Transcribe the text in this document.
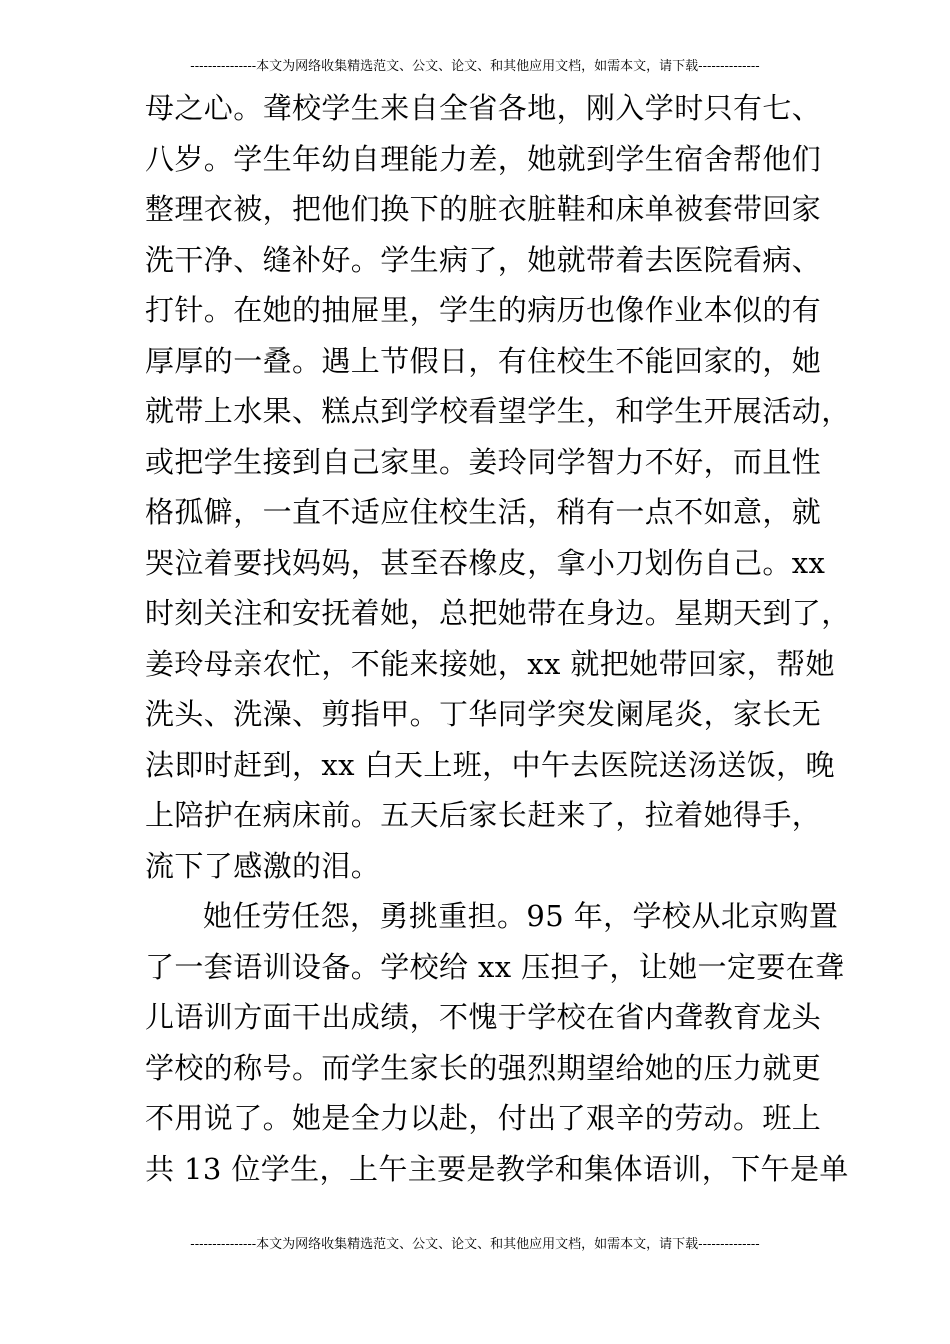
---------------本文为网络收集精选范文、公文、论文、和其他应用文档，如需本文，请下载--------------
母之心。聋校学生来自全省各地，刚入学时只有七、
八岁。学生年幼自理能力差，她就到学生宿舍帮他们
整理衣被，把他们换下的脏衣脏鞋和床单被套带回家
洗干净、缝补好。学生病了，她就带着去医院看病、
打针。在她的抽屉里，学生的病历也像作业本似的有
厚厚的一叠。遇上节假日，有住校生不能回家的，她
就带上水果、糕点到学校看望学生，和学生开展活动，
或把学生接到自己家里。姜玲同学智力不好，而且性
格孤僻，一直不适应住校生活，稍有一点不如意，就
哭泣着要找妈妈，甚至吞橡皮，拿小刀划伤自己。xx
时刻关注和安抚着她，总把她带在身边。星期天到了，
姜玲母亲农忙，不能来接她，xx 就把她带回家，帮她
洗头、洗澡、剪指甲。丁华同学突发阑尾炎，家长无
法即时赶到，xx 白天上班，中午去医院送汤送饭，晚
上陪护在病床前。五天后家长赶来了，拉着她得手，
流下了感激的泪。
她任劳任怨，勇挑重担。95 年，学校从北京购置
了一套语训设备。学校给 xx 压担子，让她一定要在聋
儿语训方面干出成绩，不愧于学校在省内聋教育龙头
学校的称号。而学生家长的强烈期望给她的压力就更
不用说了。她是全力以赴，付出了艰辛的劳动。班上
共 13 位学生，上午主要是教学和集体语训，下午是单
---------------本文为网络收集精选范文、公文、论文、和其他应用文档，如需本文，请下载--------------
